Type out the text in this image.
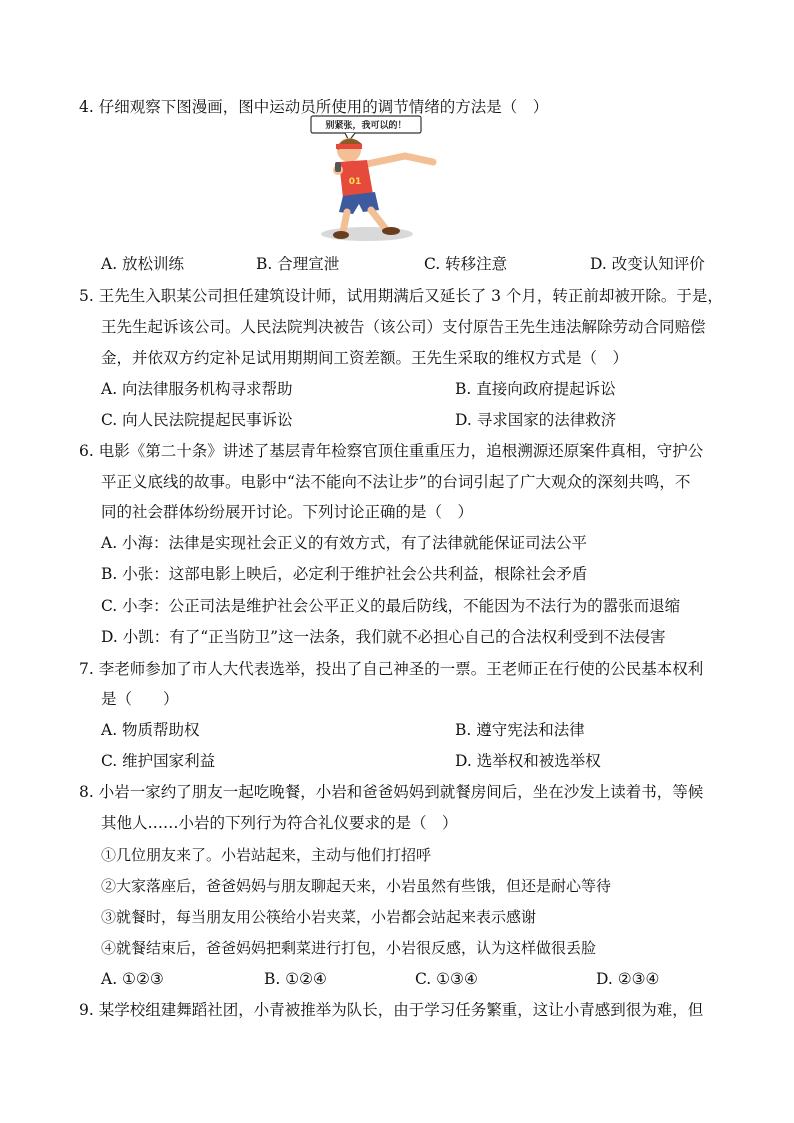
4. 仔细观察下图漫画，图中运动员所使用的调节情绪的方法是（　）
别紧张，我可以的！
01
A. 放松训练	B. 合理宣泄	C. 转移注意	D. 改变认知评价
5. 王先生入职某公司担任建筑设计师，试用期满后又延长了 3 个月，转正前却被开除。于是，
王先生起诉该公司。人民法院判决被告（该公司）支付原告王先生违法解除劳动合同赔偿
金，并依双方约定补足试用期期间工资差额。王先生采取的维权方式是（　）
A. 向法律服务机构寻求帮助	B. 直接向政府提起诉讼
C. 向人民法院提起民事诉讼	D. 寻求国家的法律救济
6. 电影《第二十条》讲述了基层青年检察官顶住重重压力，追根溯源还原案件真相，守护公
平正义底线的故事。电影中“法不能向不法让步”的台词引起了广大观众的深刻共鸣，不
同的社会群体纷纷展开讨论。下列讨论正确的是（　）
A. 小海：法律是实现社会正义的有效方式，有了法律就能保证司法公平
B. 小张：这部电影上映后，必定利于维护社会公共利益，根除社会矛盾
C. 小李：公正司法是维护社会公平正义的最后防线，不能因为不法行为的嚣张而退缩
D. 小凯：有了“正当防卫”这一法条，我们就不必担心自己的合法权利受到不法侵害
7. 李老师参加了市人大代表选举，投出了自己神圣的一票。王老师正在行使的公民基本权利
是（　　）
A. 物质帮助权	B. 遵守宪法和法律
C. 维护国家利益	D. 选举权和被选举权
8. 小岩一家约了朋友一起吃晚餐，小岩和爸爸妈妈到就餐房间后，坐在沙发上读着书，等候
其他人……小岩的下列行为符合礼仪要求的是（　）
①几位朋友来了。小岩站起来，主动与他们打招呼
②大家落座后，爸爸妈妈与朋友聊起天来，小岩虽然有些饿，但还是耐心等待
③就餐时，每当朋友用公筷给小岩夹菜，小岩都会站起来表示感谢
④就餐结束后，爸爸妈妈把剩菜进行打包，小岩很反感，认为这样做很丢脸
A. ①②③	B. ①②④	C. ①③④	D. ②③④
9. 某学校组建舞蹈社团，小青被推举为队长，由于学习任务繁重，这让小青感到很为难，但
